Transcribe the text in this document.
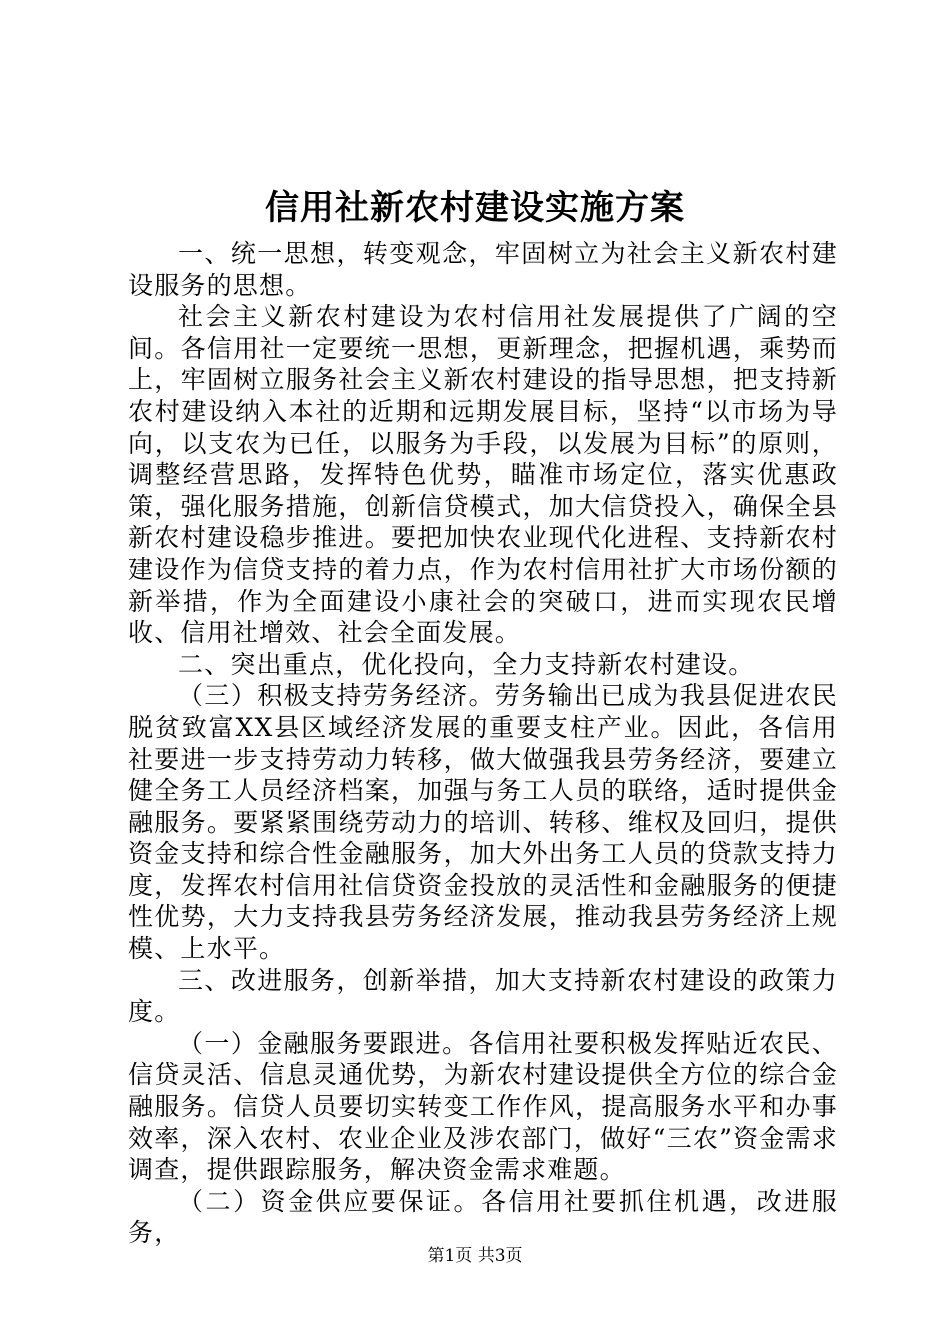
信用社新农村建设实施方案

一、统一思想，转变观念，牢固树立为社会主义新农村建设服务的思想。

社会主义新农村建设为农村信用社发展提供了广阔的空间。各信用社一定要统一思想，更新理念，把握机遇，乘势而上，牢固树立服务社会主义新农村建设的指导思想，把支持新农村建设纳入本社的近期和远期发展目标，坚持“以市场为导向，以支农为已任，以服务为手段，以发展为目标”的原则，调整经营思路，发挥特色优势，瞄准市场定位，落实优惠政策，强化服务措施，创新信贷模式，加大信贷投入，确保全县新农村建设稳步推进。要把加快农业现代化进程、支持新农村建设作为信贷支持的着力点，作为农村信用社扩大市场份额的新举措，作为全面建设小康社会的突破口，进而实现农民增收、信用社增效、社会全面发展。

二、突出重点，优化投向，全力支持新农村建设。

（三）积极支持劳务经济。劳务输出已成为我县促进农民脱贫致富XX县区域经济发展的重要支柱产业。因此，各信用社要进一步支持劳动力转移，做大做强我县劳务经济，要建立健全务工人员经济档案，加强与务工人员的联络，适时提供金融服务。要紧紧围绕劳动力的培训、转移、维权及回归，提供资金支持和综合性金融服务，加大外出务工人员的贷款支持力度，发挥农村信用社信贷资金投放的灵活性和金融服务的便捷性优势，大力支持我县劳务经济发展，推动我县劳务经济上规模、上水平。

三、改进服务，创新举措，加大支持新农村建设的政策力度。

（一）金融服务要跟进。各信用社要积极发挥贴近农民、信贷灵活、信息灵通优势，为新农村建设提供全方位的综合金融服务。信贷人员要切实转变工作作风，提高服务水平和办事效率，深入农村、农业企业及涉农部门，做好“三农”资金需求调查，提供跟踪服务，解决资金需求难题。

（二）资金供应要保证。各信用社要抓住机遇，改进服务，

第1页 共3页
